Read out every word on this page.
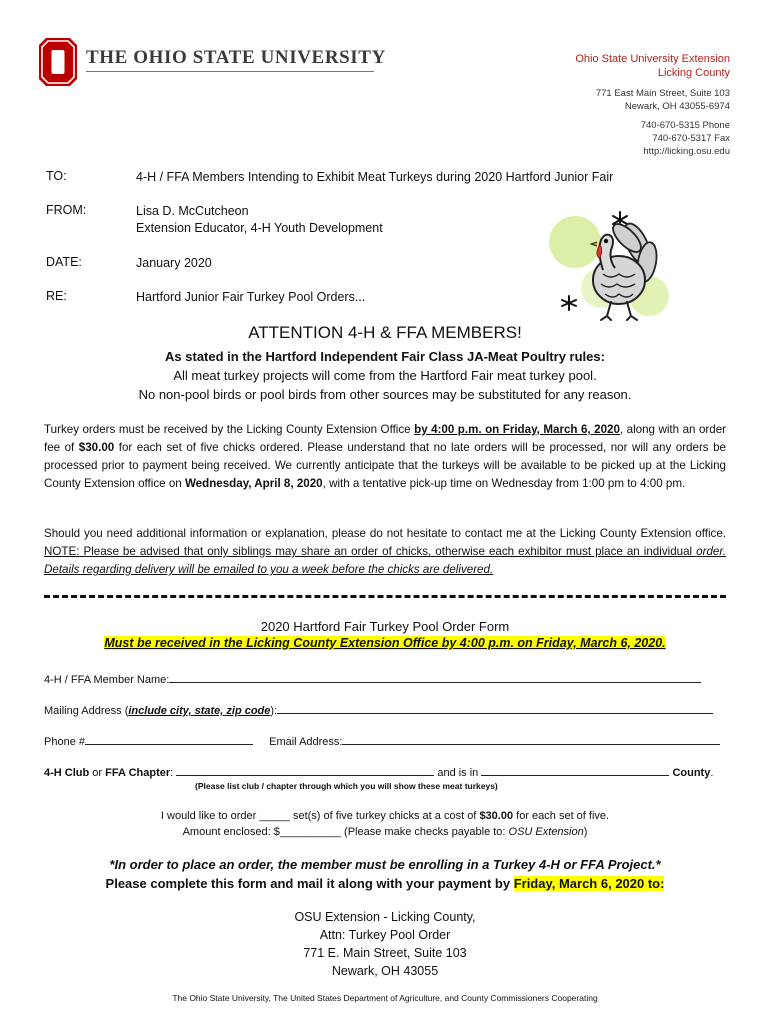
THE OHIO STATE UNIVERSITY	Ohio State University Extension
Licking County
771 East Main Street, Suite 103
Newark, OH 43055-6974
740-670-5315 Phone
740-670-5317 Fax
http://licking.osu.edu
TO:	4-H / FFA Members Intending to Exhibit Meat Turkeys during 2020 Hartford Junior Fair
FROM:	Lisa D. McCutcheon
Extension Educator, 4-H Youth Development
DATE:	January 2020
RE:	Hartford Junior Fair Turkey Pool Orders...
ATTENTION 4-H & FFA MEMBERS!
As stated in the Hartford Independent Fair Class JA-Meat Poultry rules:
All meat turkey projects will come from the Hartford Fair meat turkey pool.
No non-pool birds or pool birds from other sources may be substituted for any reason.
Turkey orders must be received by the Licking County Extension Office by 4:00 p.m. on Friday, March 6, 2020, along with an order fee of $30.00 for each set of five chicks ordered. Please understand that no late orders will be processed, nor will any orders be processed prior to payment being received. We currently anticipate that the turkeys will be available to be picked up at the Licking County Extension office on Wednesday, April 8, 2020, with a tentative pick-up time on Wednesday from 1:00 pm to 4:00 pm.
Should you need additional information or explanation, please do not hesitate to contact me at the Licking County Extension office. NOTE: Please be advised that only siblings may share an order of chicks, otherwise each exhibitor must place an individual order. Details regarding delivery will be emailed to you a week before the chicks are delivered.
2020 Hartford Fair Turkey Pool Order Form
Must be received in the Licking County Extension Office by 4:00 p.m. on Friday, March 6, 2020.
4-H / FFA Member Name:
Mailing Address (include city, state, zip code):
Phone #	Email Address:
4-H Club or FFA Chapter:	and is in	County.
(Please list club / chapter through which you will show these meat turkeys)
I would like to order _____ set(s) of five turkey chicks at a cost of $30.00 for each set of five.
Amount enclosed: $__________ (Please make checks payable to: OSU Extension)
*In order to place an order, the member must be enrolling in a Turkey 4-H or FFA Project.*
Please complete this form and mail it along with your payment by Friday, March 6, 2020 to:
OSU Extension - Licking County,
Attn: Turkey Pool Order
771 E. Main Street, Suite 103
Newark, OH 43055
The Ohio State University, The United States Department of Agriculture, and County Commissioners Cooperating
